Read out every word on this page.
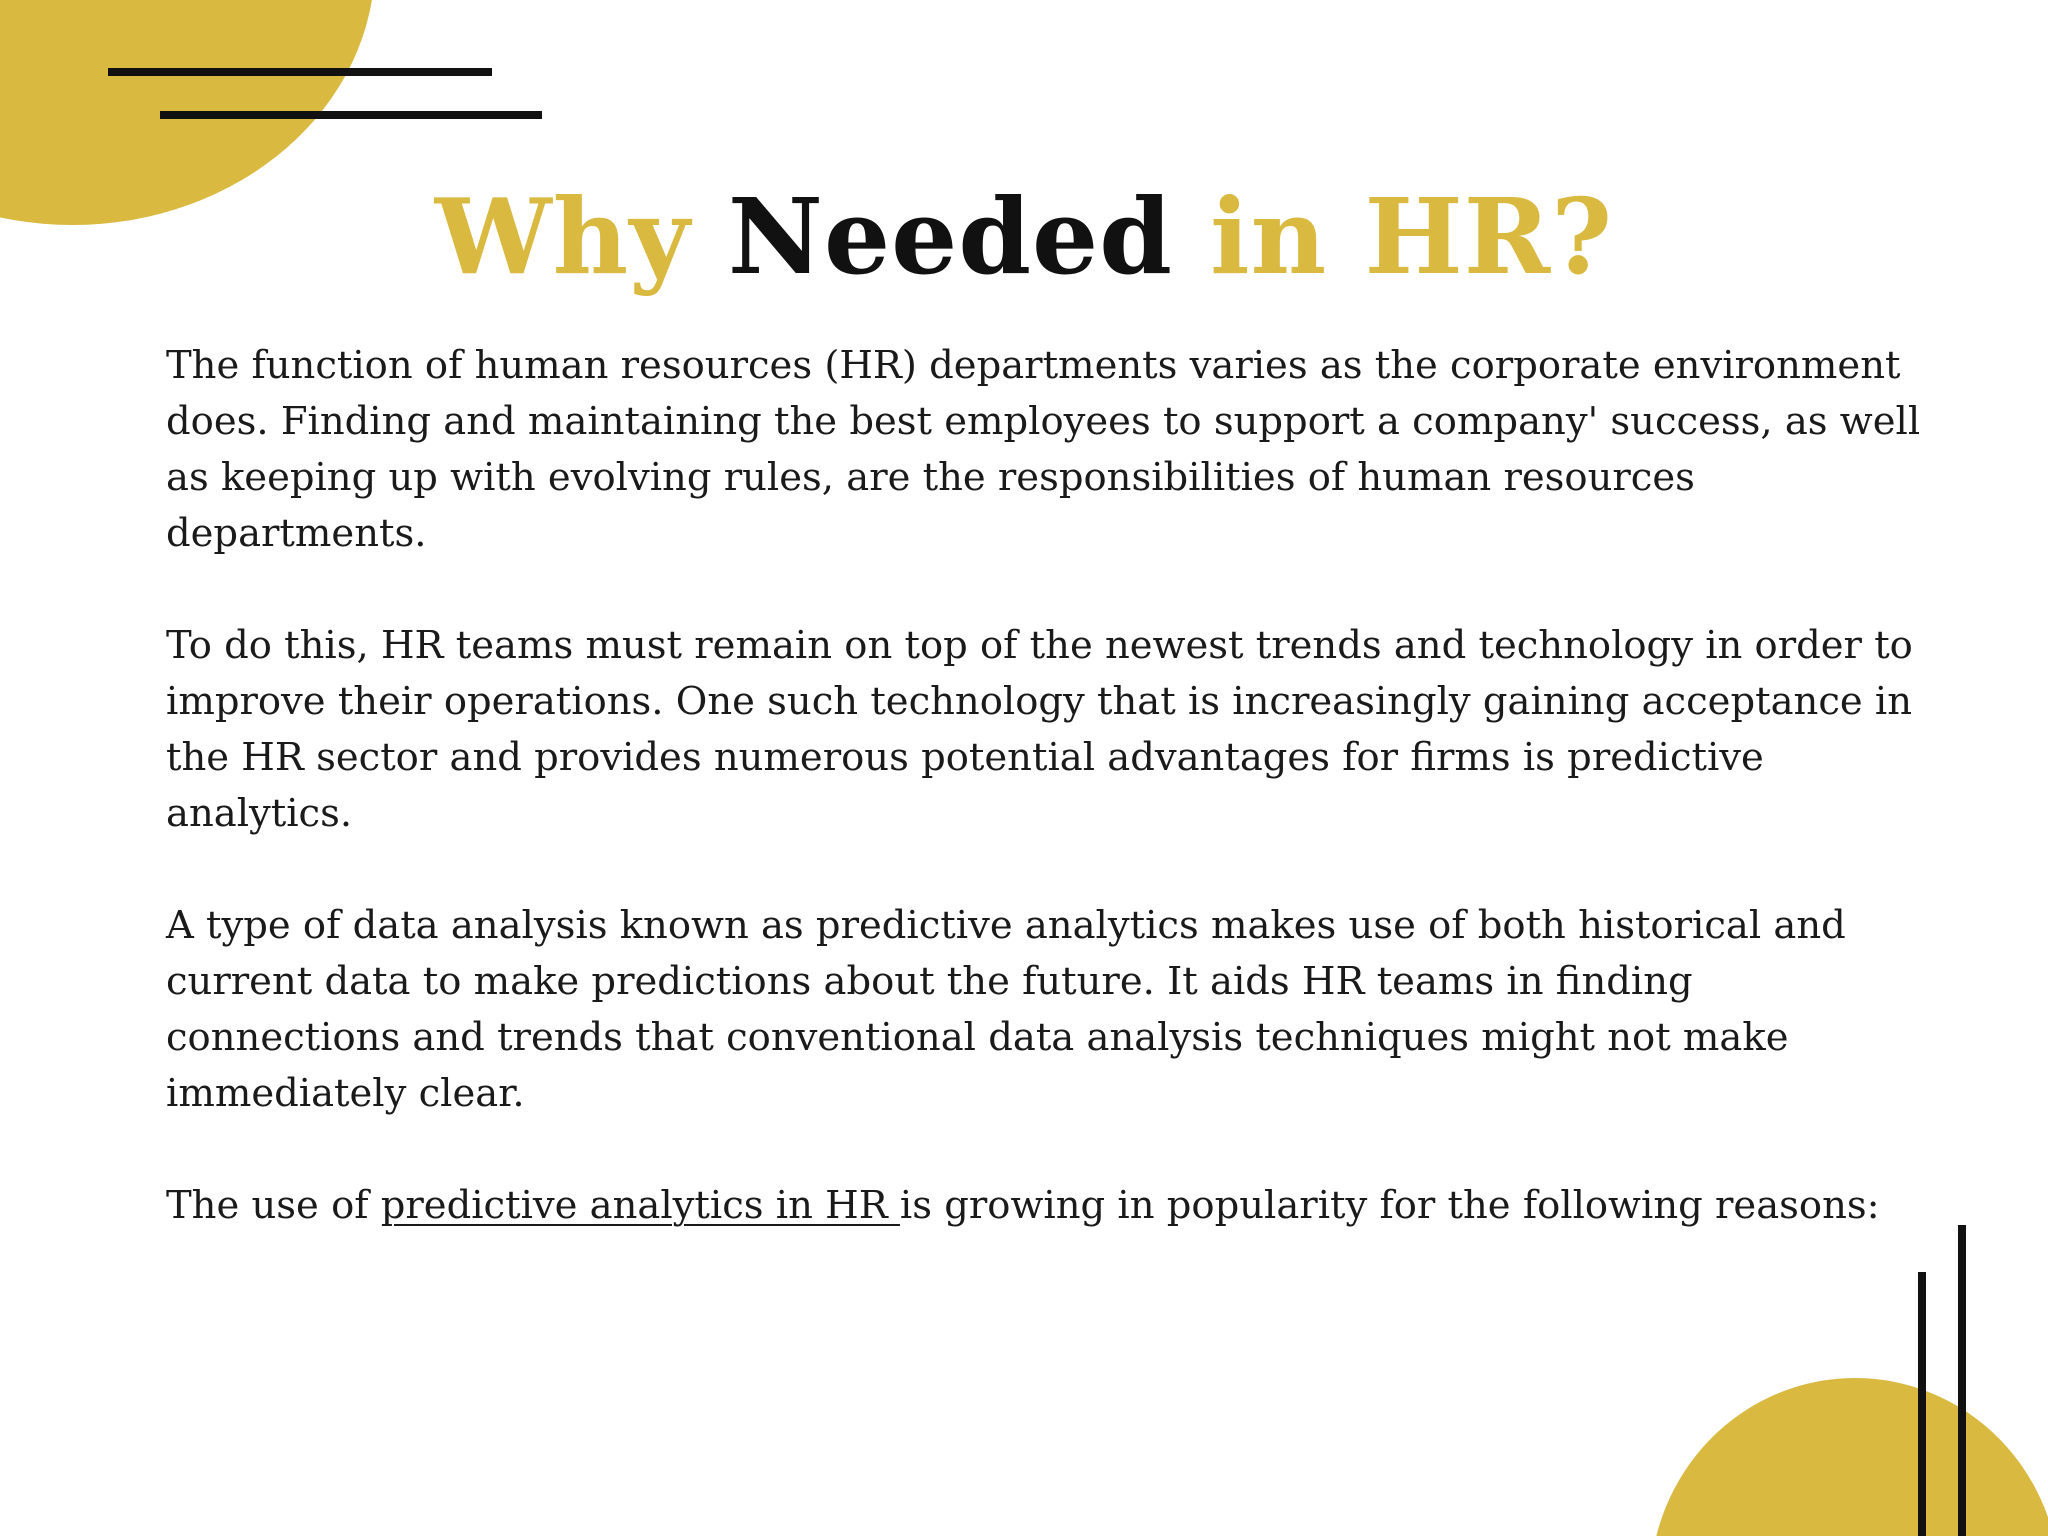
Why Needed in HR?

The function of human resources (HR) departments varies as the corporate environment does. Finding and maintaining the best employees to support a company' success, as well as keeping up with evolving rules, are the responsibilities of human resources departments.

To do this, HR teams must remain on top of the newest trends and technology in order to improve their operations. One such technology that is increasingly gaining acceptance in the HR sector and provides numerous potential advantages for firms is predictive analytics.

A type of data analysis known as predictive analytics makes use of both historical and current data to make predictions about the future. It aids HR teams in finding connections and trends that conventional data analysis techniques might not make immediately clear.

The use of predictive analytics in HR is growing in popularity for the following reasons:
